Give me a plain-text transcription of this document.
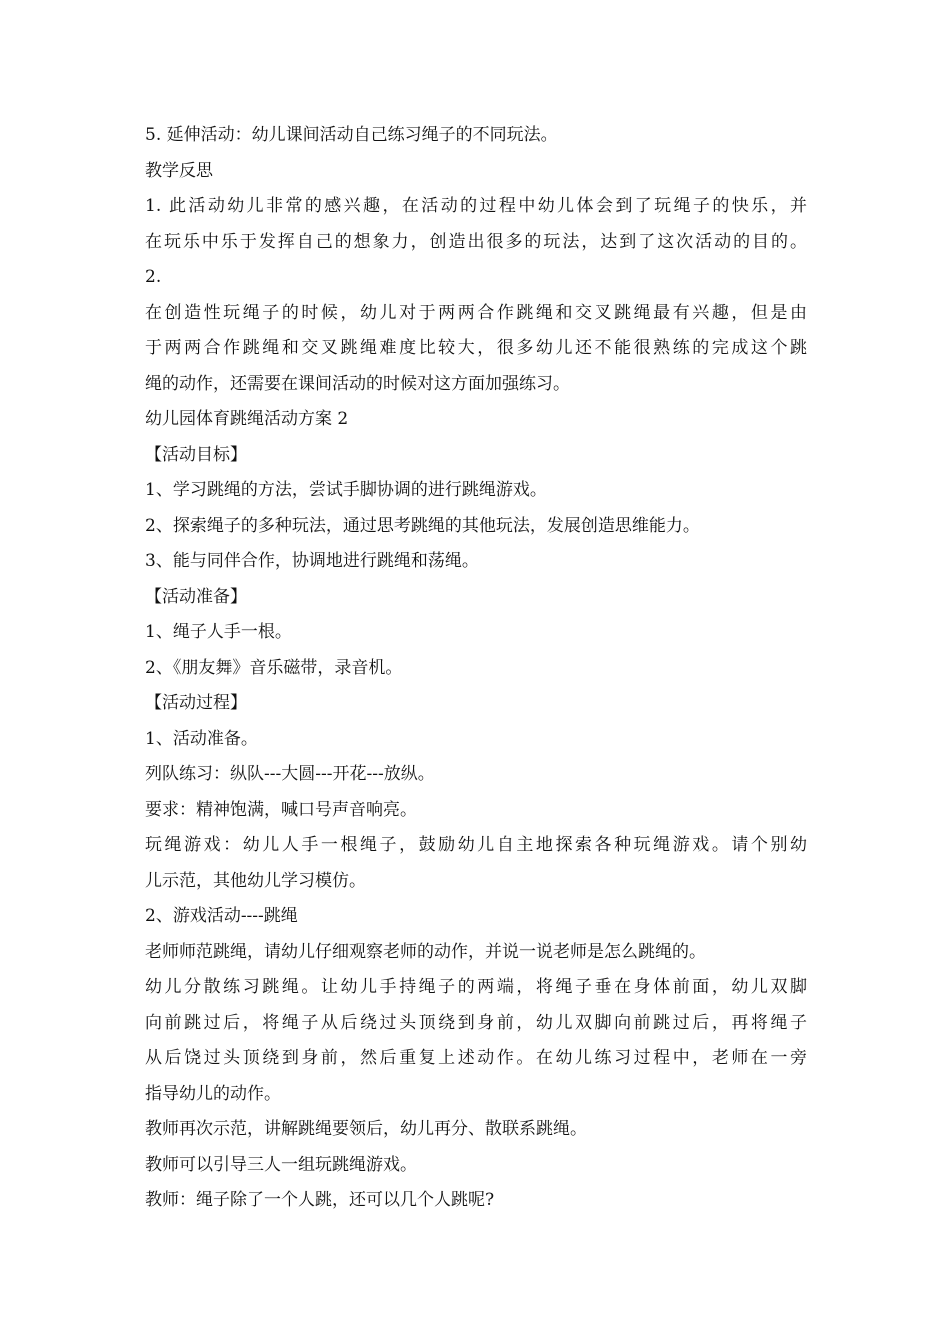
5. 延伸活动：幼儿课间活动自己练习绳子的不同玩法。
教学反思
1. 此活动幼儿非常的感兴趣，在活动的过程中幼儿体会到了玩绳子的快乐，并
在玩乐中乐于发挥自己的想象力，创造出很多的玩法，达到了这次活动的目的。
2.
在创造性玩绳子的时候，幼儿对于两两合作跳绳和交叉跳绳最有兴趣，但是由
于两两合作跳绳和交叉跳绳难度比较大，很多幼儿还不能很熟练的完成这个跳
绳的动作，还需要在课间活动的时候对这方面加强练习。
幼儿园体育跳绳活动方案 2
【活动目标】
1、学习跳绳的方法，尝试手脚协调的进行跳绳游戏。
2、探索绳子的多种玩法，通过思考跳绳的其他玩法，发展创造思维能力。
3、能与同伴合作，协调地进行跳绳和荡绳。
【活动准备】
1、绳子人手一根。
2、《朋友舞》音乐磁带，录音机。
【活动过程】
1、活动准备。
列队练习：纵队---大圆---开花---放纵。
要求：精神饱满，喊口号声音响亮。
玩绳游戏：幼儿人手一根绳子，鼓励幼儿自主地探索各种玩绳游戏。请个别幼
儿示范，其他幼儿学习模仿。
2、游戏活动----跳绳
老师师范跳绳，请幼儿仔细观察老师的动作，并说一说老师是怎么跳绳的。
幼儿分散练习跳绳。让幼儿手持绳子的两端，将绳子垂在身体前面，幼儿双脚
向前跳过后，将绳子从后绕过头顶绕到身前，幼儿双脚向前跳过后，再将绳子
从后饶过头顶绕到身前，然后重复上述动作。在幼儿练习过程中，老师在一旁
指导幼儿的动作。
教师再次示范，讲解跳绳要领后，幼儿再分、散联系跳绳。
教师可以引导三人一组玩跳绳游戏。
教师：绳子除了一个人跳，还可以几个人跳呢?
